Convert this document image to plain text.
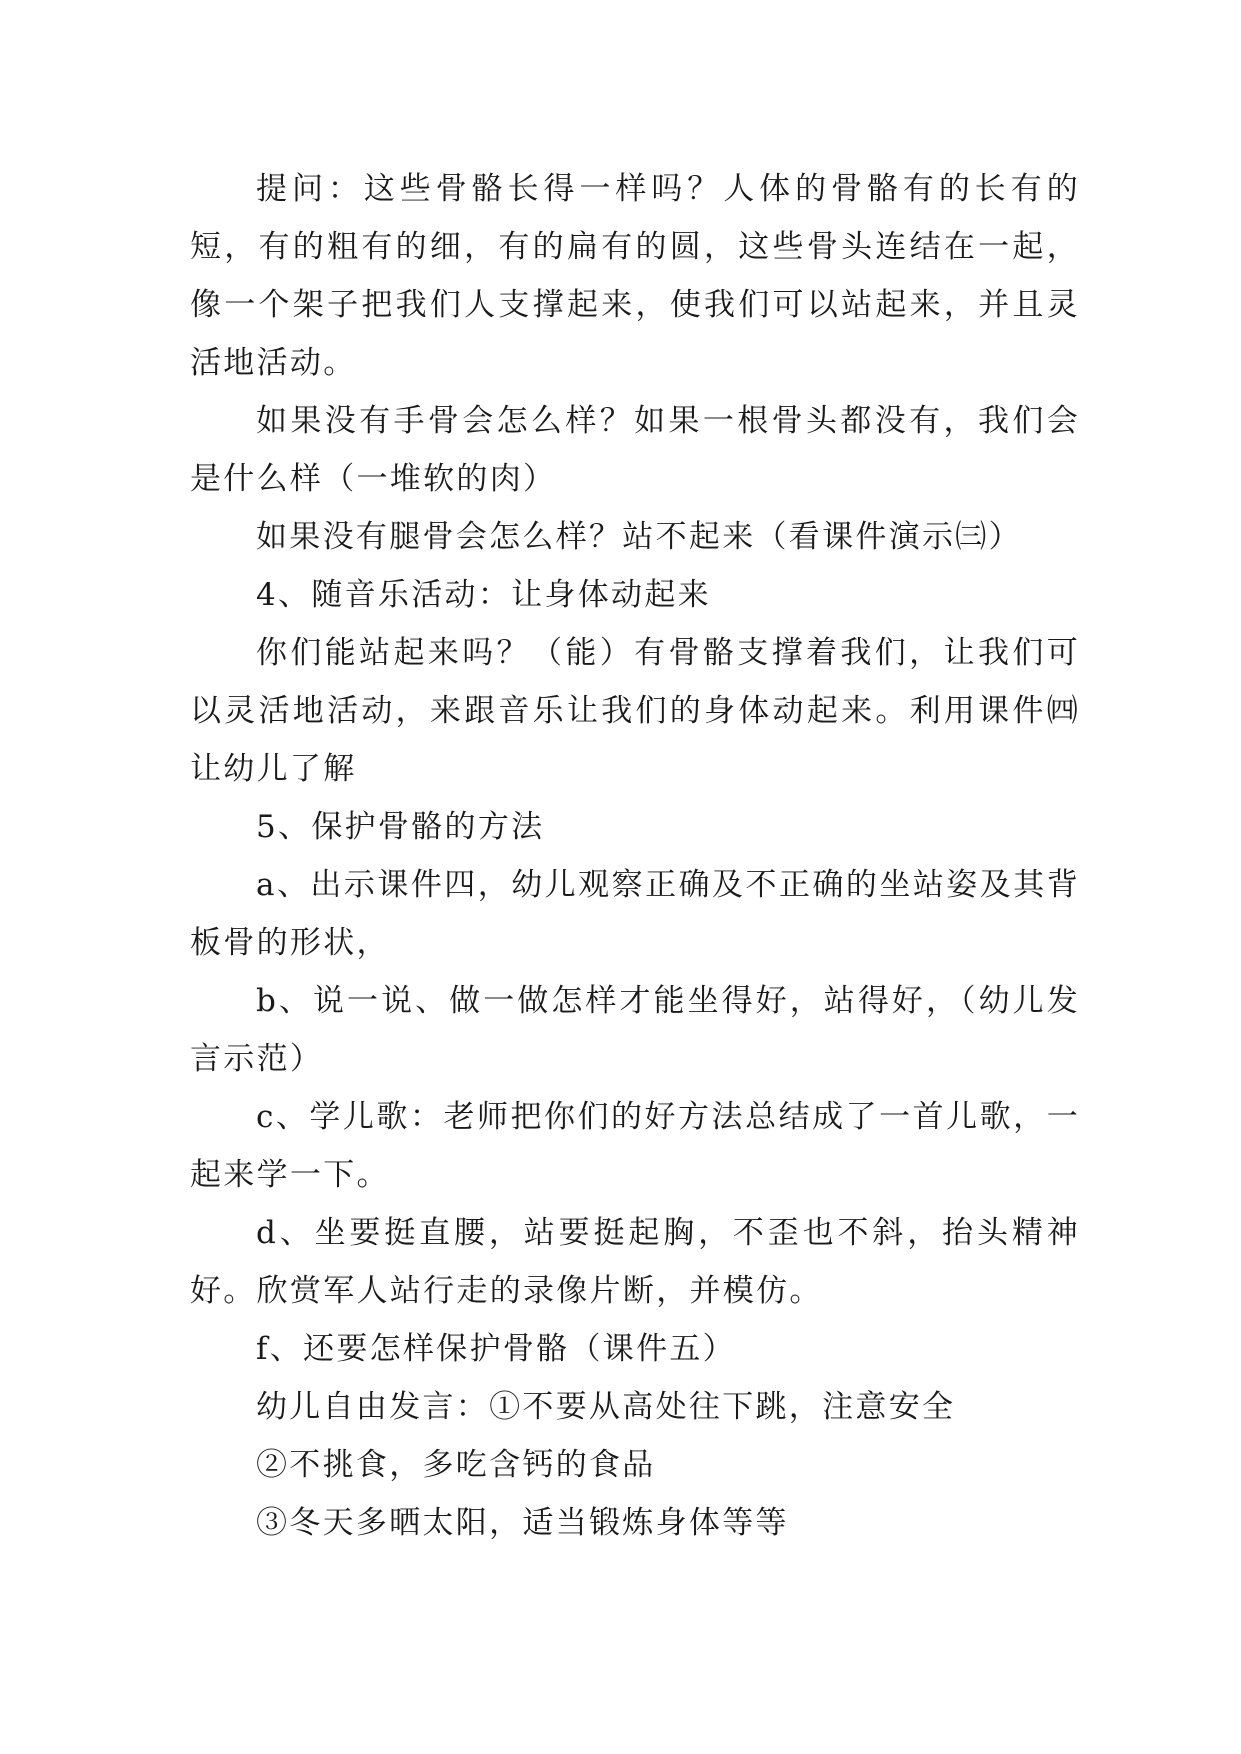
提问：这些骨骼长得一样吗？人体的骨骼有的长有的短，有的粗有的细，有的扁有的圆，这些骨头连结在一起，像一个架子把我们人支撑起来，使我们可以站起来，并且灵活地活动。

如果没有手骨会怎么样？如果一根骨头都没有，我们会是什么样（一堆软的肉）

如果没有腿骨会怎么样？站不起来（看课件演示㈢）

4、随音乐活动：让身体动起来

你们能站起来吗？（能）有骨骼支撑着我们，让我们可以灵活地活动，来跟音乐让我们的身体动起来。利用课件㈣让幼儿了解

5、保护骨骼的方法

a、出示课件四，幼儿观察正确及不正确的坐站姿及其背板骨的形状，

b、说一说、做一做怎样才能坐得好，站得好，（幼儿发言示范）

c、学儿歌：老师把你们的好方法总结成了一首儿歌，一起来学一下。

d、坐要挺直腰，站要挺起胸，不歪也不斜，抬头精神好。欣赏军人站行走的录像片断，并模仿。

f、还要怎样保护骨骼（课件五）

幼儿自由发言：①不要从高处往下跳，注意安全

②不挑食，多吃含钙的食品

③冬天多晒太阳，适当锻炼身体等等
